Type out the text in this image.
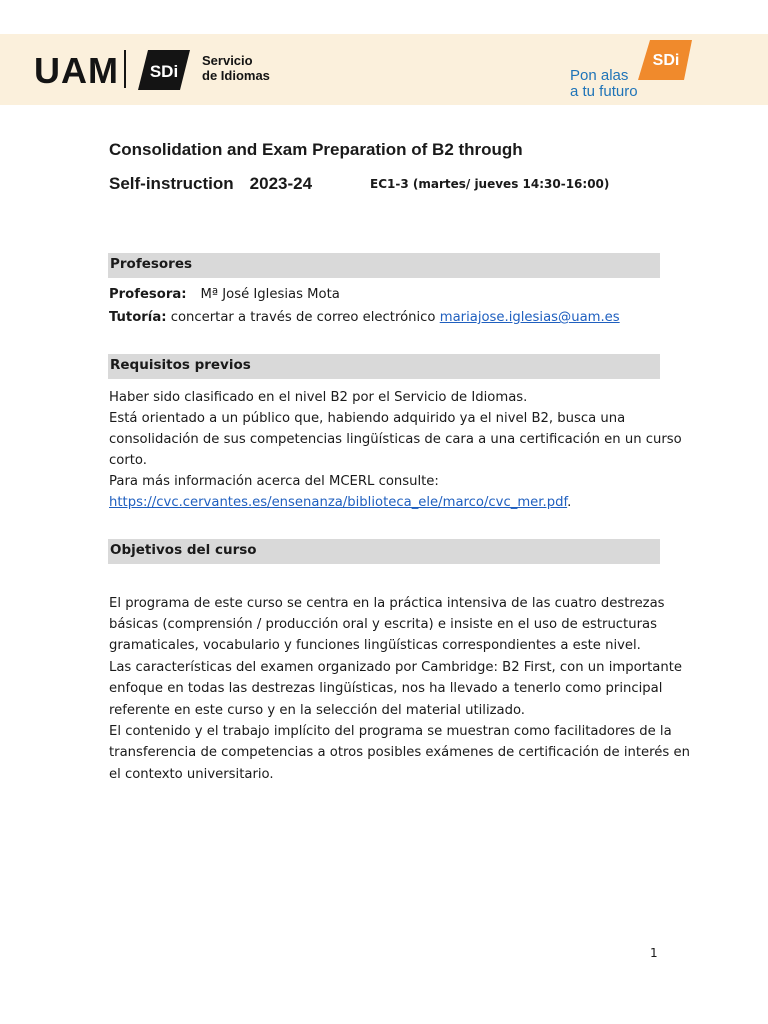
UAM SDi
Servicio
de Idiomas
SDi
Pon alas
a tu futuro
Consolidation and Exam Preparation of B2 through
Self-instruction 2023-24	EC1-3 (martes/ jueves 14:30-16:00)
Profesores
Profesora: Mª José Iglesias Mota
Tutoría: concertar a través de correo electrónico mariajose.iglesias@uam.es
Requisitos previos
Haber sido clasificado en el nivel B2 por el Servicio de Idiomas.
Está orientado a un público que, habiendo adquirido ya el nivel B2, busca una
consolidación de sus competencias lingüísticas de cara a una certificación en un curso
corto.
Para más información acerca del MCERL consulte:
https://cvc.cervantes.es/ensenanza/biblioteca_ele/marco/cvc_mer.pdf.
Objetivos del curso
El programa de este curso se centra en la práctica intensiva de las cuatro destrezas
básicas (comprensión / producción oral y escrita) e insiste en el uso de estructuras
gramaticales, vocabulario y funciones lingüísticas correspondientes a este nivel.
Las características del examen organizado por Cambridge: B2 First, con un importante
enfoque en todas las destrezas lingüísticas, nos ha llevado a tenerlo como principal
referente en este curso y en la selección del material utilizado.
El contenido y el trabajo implícito del programa se muestran como facilitadores de la
transferencia de competencias a otros posibles exámenes de certificación de interés en
el contexto universitario.
1
